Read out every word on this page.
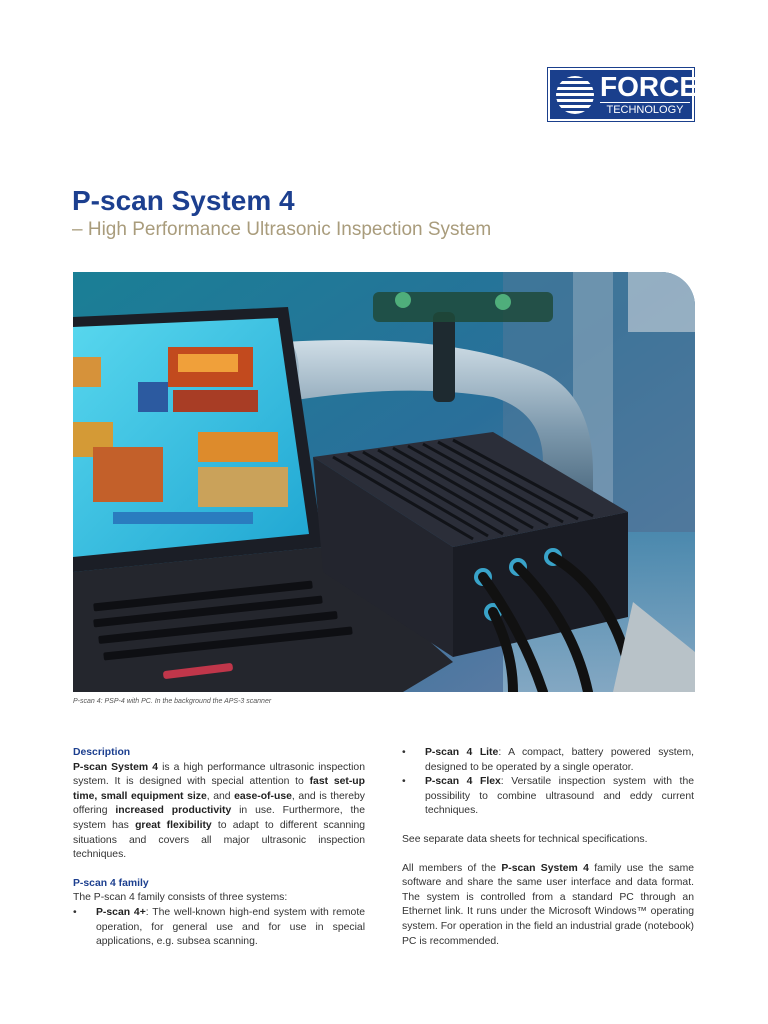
FORCE
TECHNOLOGY
P-scan System 4
– High Performance Ultrasonic Inspection System
P-scan 4: PSP-4 with PC. In the background the APS-3 scanner

Description

P-scan System 4 is a high performance ultrasonic inspection system. It is designed with special attention to fast set-up time, small equipment size, and ease-of-use, and is thereby offering increased productivity in use. Furthermore, the system has great flexibility to adapt to different scanning situations and covers all major ultrasonic inspection techniques.

P-scan 4 family

The P-scan 4 family consists of three systems:

• P-scan 4+: The well-known high-end system with remote operation, for general use and for use in special applications, e.g. subsea scanning.
• P-scan 4 Lite: A compact, battery powered system, designed to be operated by a single operator.
• P-scan 4 Flex: Versatile inspection system with the possibility to combine ultrasound and eddy current techniques.

See separate data sheets for technical specifications.

All members of the P-scan System 4 family use the same software and share the same user interface and data format. The system is controlled from a standard PC through an Ethernet link. It runs under the Microsoft Windows™ operating system. For operation in the field an industrial grade (notebook) PC is recommended.
